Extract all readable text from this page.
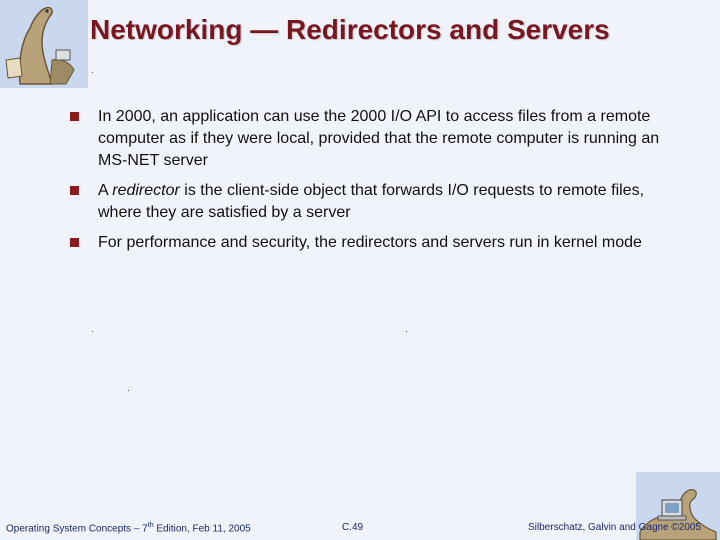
Networking — Redirectors and Servers
In 2000, an application can use the 2000 I/O API to access files from a remote computer as if they were local, provided that the remote computer is running an MS-NET server
A redirector is the client-side object that forwards I/O requests to remote files, where they are satisfied by a server
For performance and security, the redirectors and servers run in kernel mode
Operating System Concepts – 7th Edition, Feb 11, 2005	C.49	Silberschatz, Galvin and Gagne ©2005
